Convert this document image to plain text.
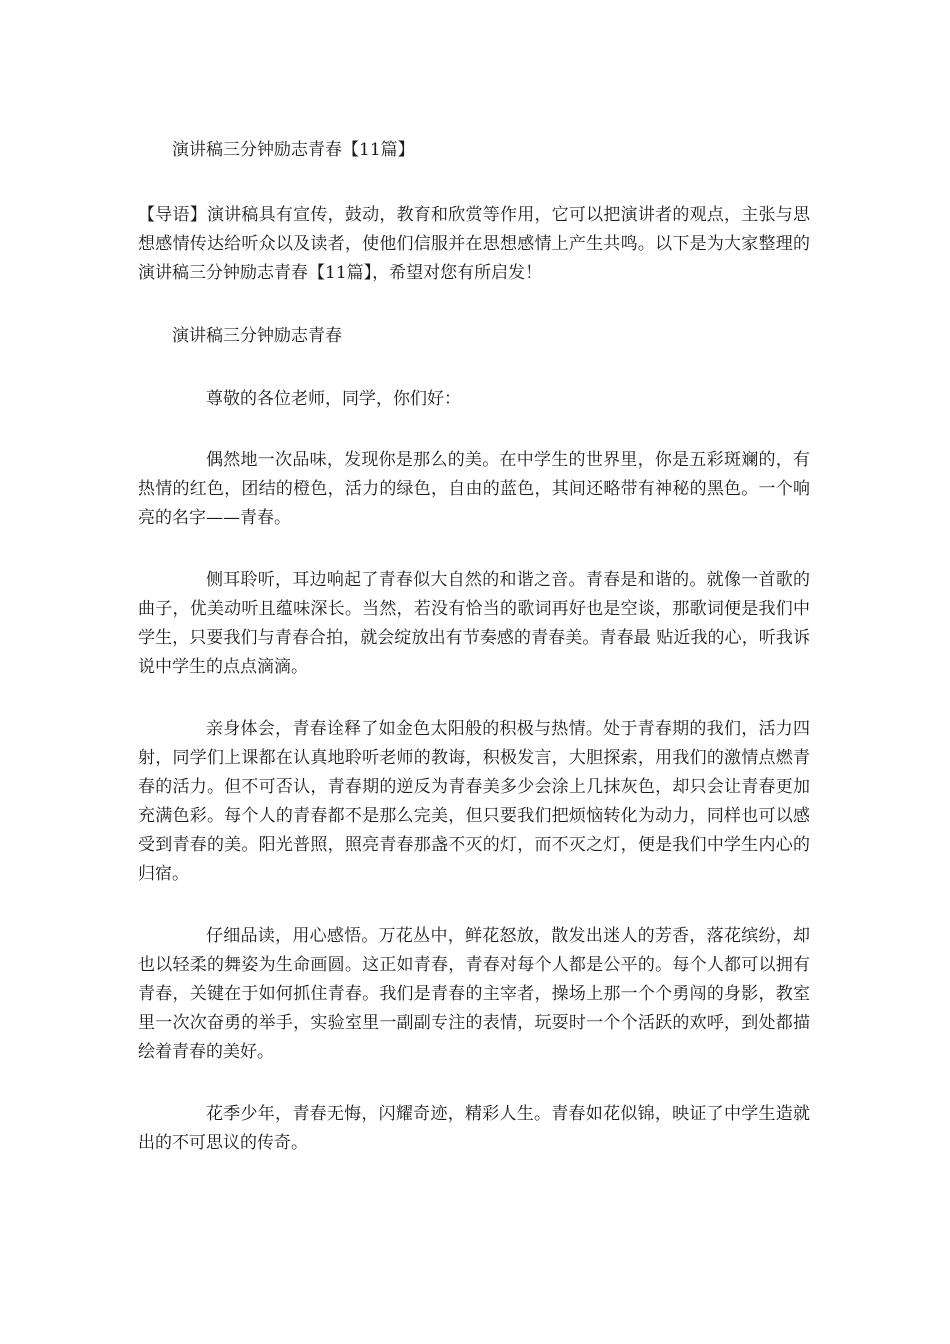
演讲稿三分钟励志青春【11篇】

【导语】演讲稿具有宣传，鼓动，教育和欣赏等作用，它可以把演讲者的观点，主张与思想感情传达给听众以及读者，使他们信服并在思想感情上产生共鸣。以下是为大家整理的演讲稿三分钟励志青春【11篇】，希望对您有所启发！

演讲稿三分钟励志青春

尊敬的各位老师，同学，你们好：

偶然地一次品味，发现你是那么的美。在中学生的世界里，你是五彩斑斓的，有热情的红色，团结的橙色，活力的绿色，自由的蓝色，其间还略带有神秘的黑色。一个响亮的名字——青春。

侧耳聆听，耳边响起了青春似大自然的和谐之音。青春是和谐的。就像一首歌的曲子，优美动听且蕴味深长。当然，若没有恰当的歌词再好也是空谈，那歌词便是我们中学生，只要我们与青春合拍，就会绽放出有节奏感的青春美。青春最 贴近我的心，听我诉说中学生的点点滴滴。

亲身体会，青春诠释了如金色太阳般的积极与热情。处于青春期的我们，活力四射，同学们上课都在认真地聆听老师的教诲，积极发言，大胆探索，用我们的激情点燃青春的活力。但不可否认，青春期的逆反为青春美多少会涂上几抹灰色，却只会让青春更加充满色彩。每个人的青春都不是那么完美，但只要我们把烦恼转化为动力，同样也可以感受到青春的美。阳光普照，照亮青春那盏不灭的灯，而不灭之灯，便是我们中学生内心的归宿。

仔细品读，用心感悟。万花丛中，鲜花怒放，散发出迷人的芳香，落花缤纷，却也以轻柔的舞姿为生命画圆。这正如青春，青春对每个人都是公平的。每个人都可以拥有青春，关键在于如何抓住青春。我们是青春的主宰者，操场上那一个个勇闯的身影，教室里一次次奋勇的举手，实验室里一副副专注的表情，玩耍时一个个活跃的欢呼，到处都描绘着青春的美好。

花季少年，青春无悔，闪耀奇迹，精彩人生。青春如花似锦，映证了中学生造就出的不可思议的传奇。
